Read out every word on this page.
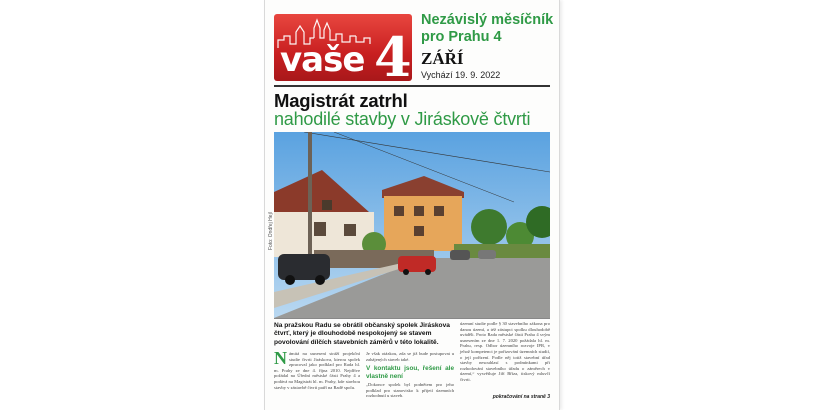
vaše 4
Nezávislý měsíčník pro Prahu 4
ZÁŘÍ
Vychází 19. 9. 2022
Magistrát zatrhl
nahodilé stavby v Jiráskově čtvrti
Foto: Ondřej Hejl
Na pražskou Radu se obrátil občanský spolek Jiráskova čtvrť, který je dlouhodobě nespokojený se stavem povolování dílčích stavebních záměrů v této lokalitě.
N ámitá na usnesení stráží projekční studie čtvrti Jiráskova, kterou spolek zpracoval jako podklad pro Rada hl. m. Prahy ze dne 4. října 2010. Nejdříve požádal na Úřední městské části Prahy 4 a podává na Magistrát hl. m. Prahy, kde stavbou stavby v zástavbě čtvrti patří na Radě spolu.
Je však otázkou, zda se již bude postupovat u zahájených staveb také.
V kontaktu jsou, řešení ale vlastně není
„Dokonce spolek byl podnětem pro jeho podklad pro stanovisko k přijetí územních rozhodnutí u staveb.
územní studie podle § 30 stavebního zákona pro danou území, a též zástupci spolku dlouhodobě uváděli. Proto Rada městské části Praha 4 svým usnesením ze dne 1. 7. 2020 požádala hl. m. Prahu, resp. Odbor územního rozvoje IPR, v jehož kompetenci je pořizování územních studií, o její pořízení. Podle něj totiž stavební úřad stavby nesouhlasí s podmínkami při rozhodování stavebního úřadu o záměrech v území,“ vysvětluje Jiří Bříza, tiskový mluvčí čtvrti.
pokračování na straně 3
